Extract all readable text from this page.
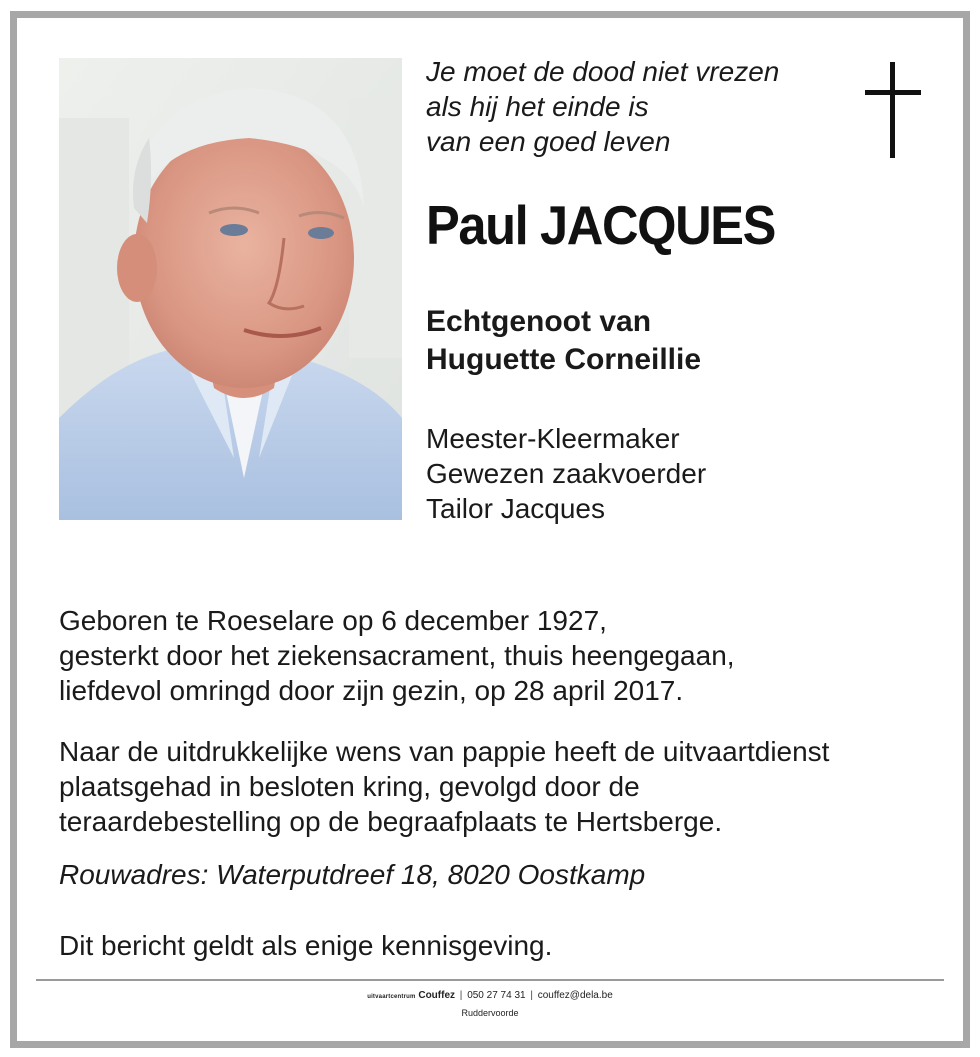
Je moet de dood niet vrezen
als hij het einde is
van een goed leven
Paul JACQUES
Echtgenoot van
Huguette Corneillie
Meester-Kleermaker
Gewezen zaakvoerder
Tailor Jacques
Geboren te Roeselare op 6 december 1927,
gesterkt door het ziekensacrament, thuis heengegaan,
liefdevol omringd door zijn gezin, op 28 april 2017.
Naar de uitdrukkelijke wens van pappie heeft de uitvaartdienst
plaatsgehad in besloten kring, gevolgd door de
teraardebestelling op de begraafplaats te Hertsberge.
Rouwadres: Waterputdreef 18, 8020 Oostkamp
Dit bericht geldt als enige kennisgeving.
uitvaartcentrum Couffez | 050 27 74 31 | couffez@dela.be
Ruddervoorde
